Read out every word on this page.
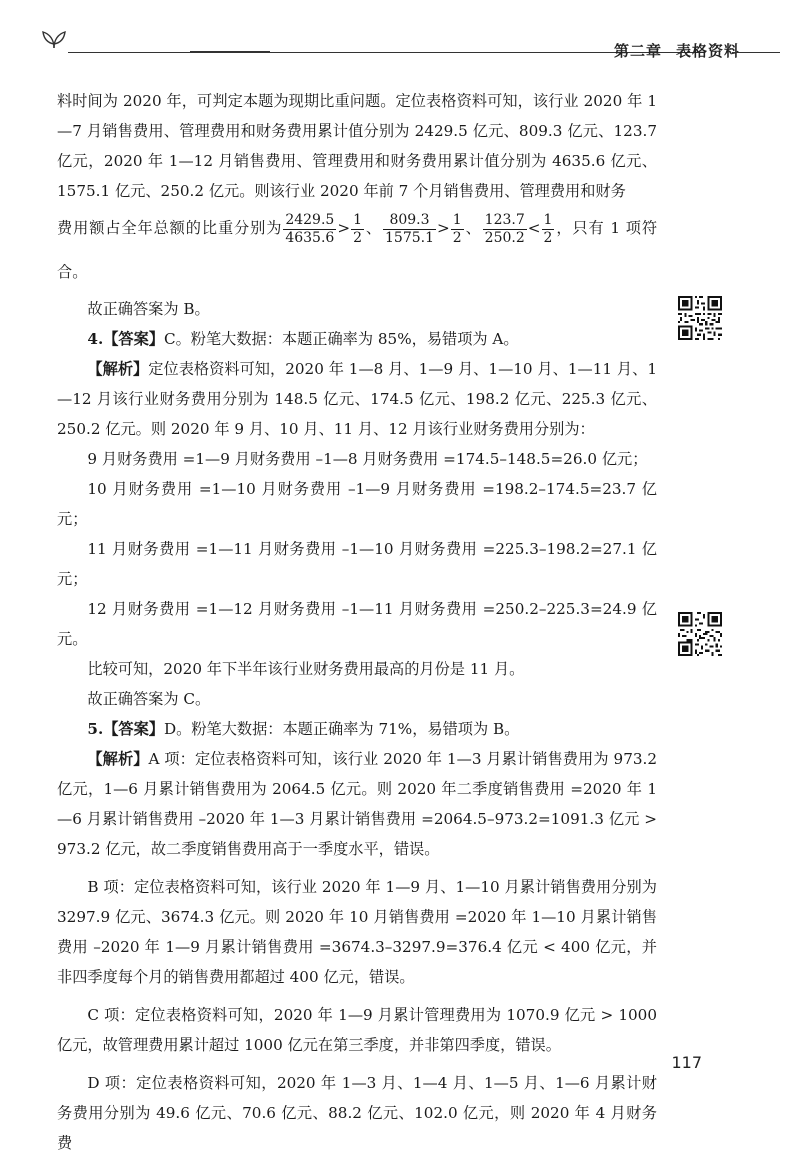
第二章 表格资料

料时间为 2020 年，可判定本题为现期比重问题。定位表格资料可知，该行业 2020 年 1—7 月销售费用、管理费用和财务费用累计值分别为 2429.5 亿元、809.3 亿元、123.7 亿元，2020 年 1—12 月销售费用、管理费用和财务费用累计值分别为 4635.6 亿元、1575.1 亿元、250.2 亿元。则该行业 2020 年前 7 个月销售费用、管理费用和财务

费用额占全年总额的比重分别为 $\frac{2429.5}{4635.6} > \frac{1}{2}$ 、 $\frac{809.3}{1575.1} > \frac{1}{2}$ 、 $\frac{123.7}{250.2} < \frac{1}{2}$ ，只有 1 项符合。

故正确答案为 B。

4.【答案】C。粉笔大数据：本题正确率为 85%，易错项为 A。

【解析】定位表格资料可知，2020 年 1—8 月、1—9 月、1—10 月、1—11 月、1—12 月该行业财务费用分别为 148.5 亿元、174.5 亿元、198.2 亿元、225.3 亿元、250.2 亿元。则 2020 年 9 月、10 月、11 月、12 月该行业财务费用分别为：

9 月财务费用 =1—9 月财务费用 –1—8 月财务费用 =174.5–148.5=26.0 亿元；

10 月财务费用 =1—10 月财务费用 –1—9 月财务费用 =198.2–174.5=23.7 亿元；

11 月财务费用 =1—11 月财务费用 –1—10 月财务费用 =225.3–198.2=27.1 亿元；

12 月财务费用 =1—12 月财务费用 –1—11 月财务费用 =250.2–225.3=24.9 亿元。

比较可知，2020 年下半年该行业财务费用最高的月份是 11 月。

故正确答案为 C。

5.【答案】D。粉笔大数据：本题正确率为 71%，易错项为 B。

【解析】A 项：定位表格资料可知，该行业 2020 年 1—3 月累计销售费用为 973.2 亿元，1—6 月累计销售费用为 2064.5 亿元。则 2020 年二季度销售费用 =2020 年 1—6 月累计销售费用 –2020 年 1—3 月累计销售费用 =2064.5–973.2=1091.3 亿元 > 973.2 亿元，故二季度销售费用高于一季度水平，错误。

B 项：定位表格资料可知，该行业 2020 年 1—9 月、1—10 月累计销售费用分别为 3297.9 亿元、3674.3 亿元。则 2020 年 10 月销售费用 =2020 年 1—10 月累计销售费用 –2020 年 1—9 月累计销售费用 =3674.3–3297.9=376.4 亿元 < 400 亿元，并非四季度每个月的销售费用都超过 400 亿元，错误。

C 项：定位表格资料可知，2020 年 1—9 月累计管理费用为 1070.9 亿元 > 1000 亿元，故管理费用累计超过 1000 亿元在第三季度，并非第四季度，错误。

D 项：定位表格资料可知，2020 年 1—3 月、1—4 月、1—5 月、1—6 月累计财务费用分别为 49.6 亿元、70.6 亿元、88.2 亿元、102.0 亿元，则 2020 年 4 月财务费

117
